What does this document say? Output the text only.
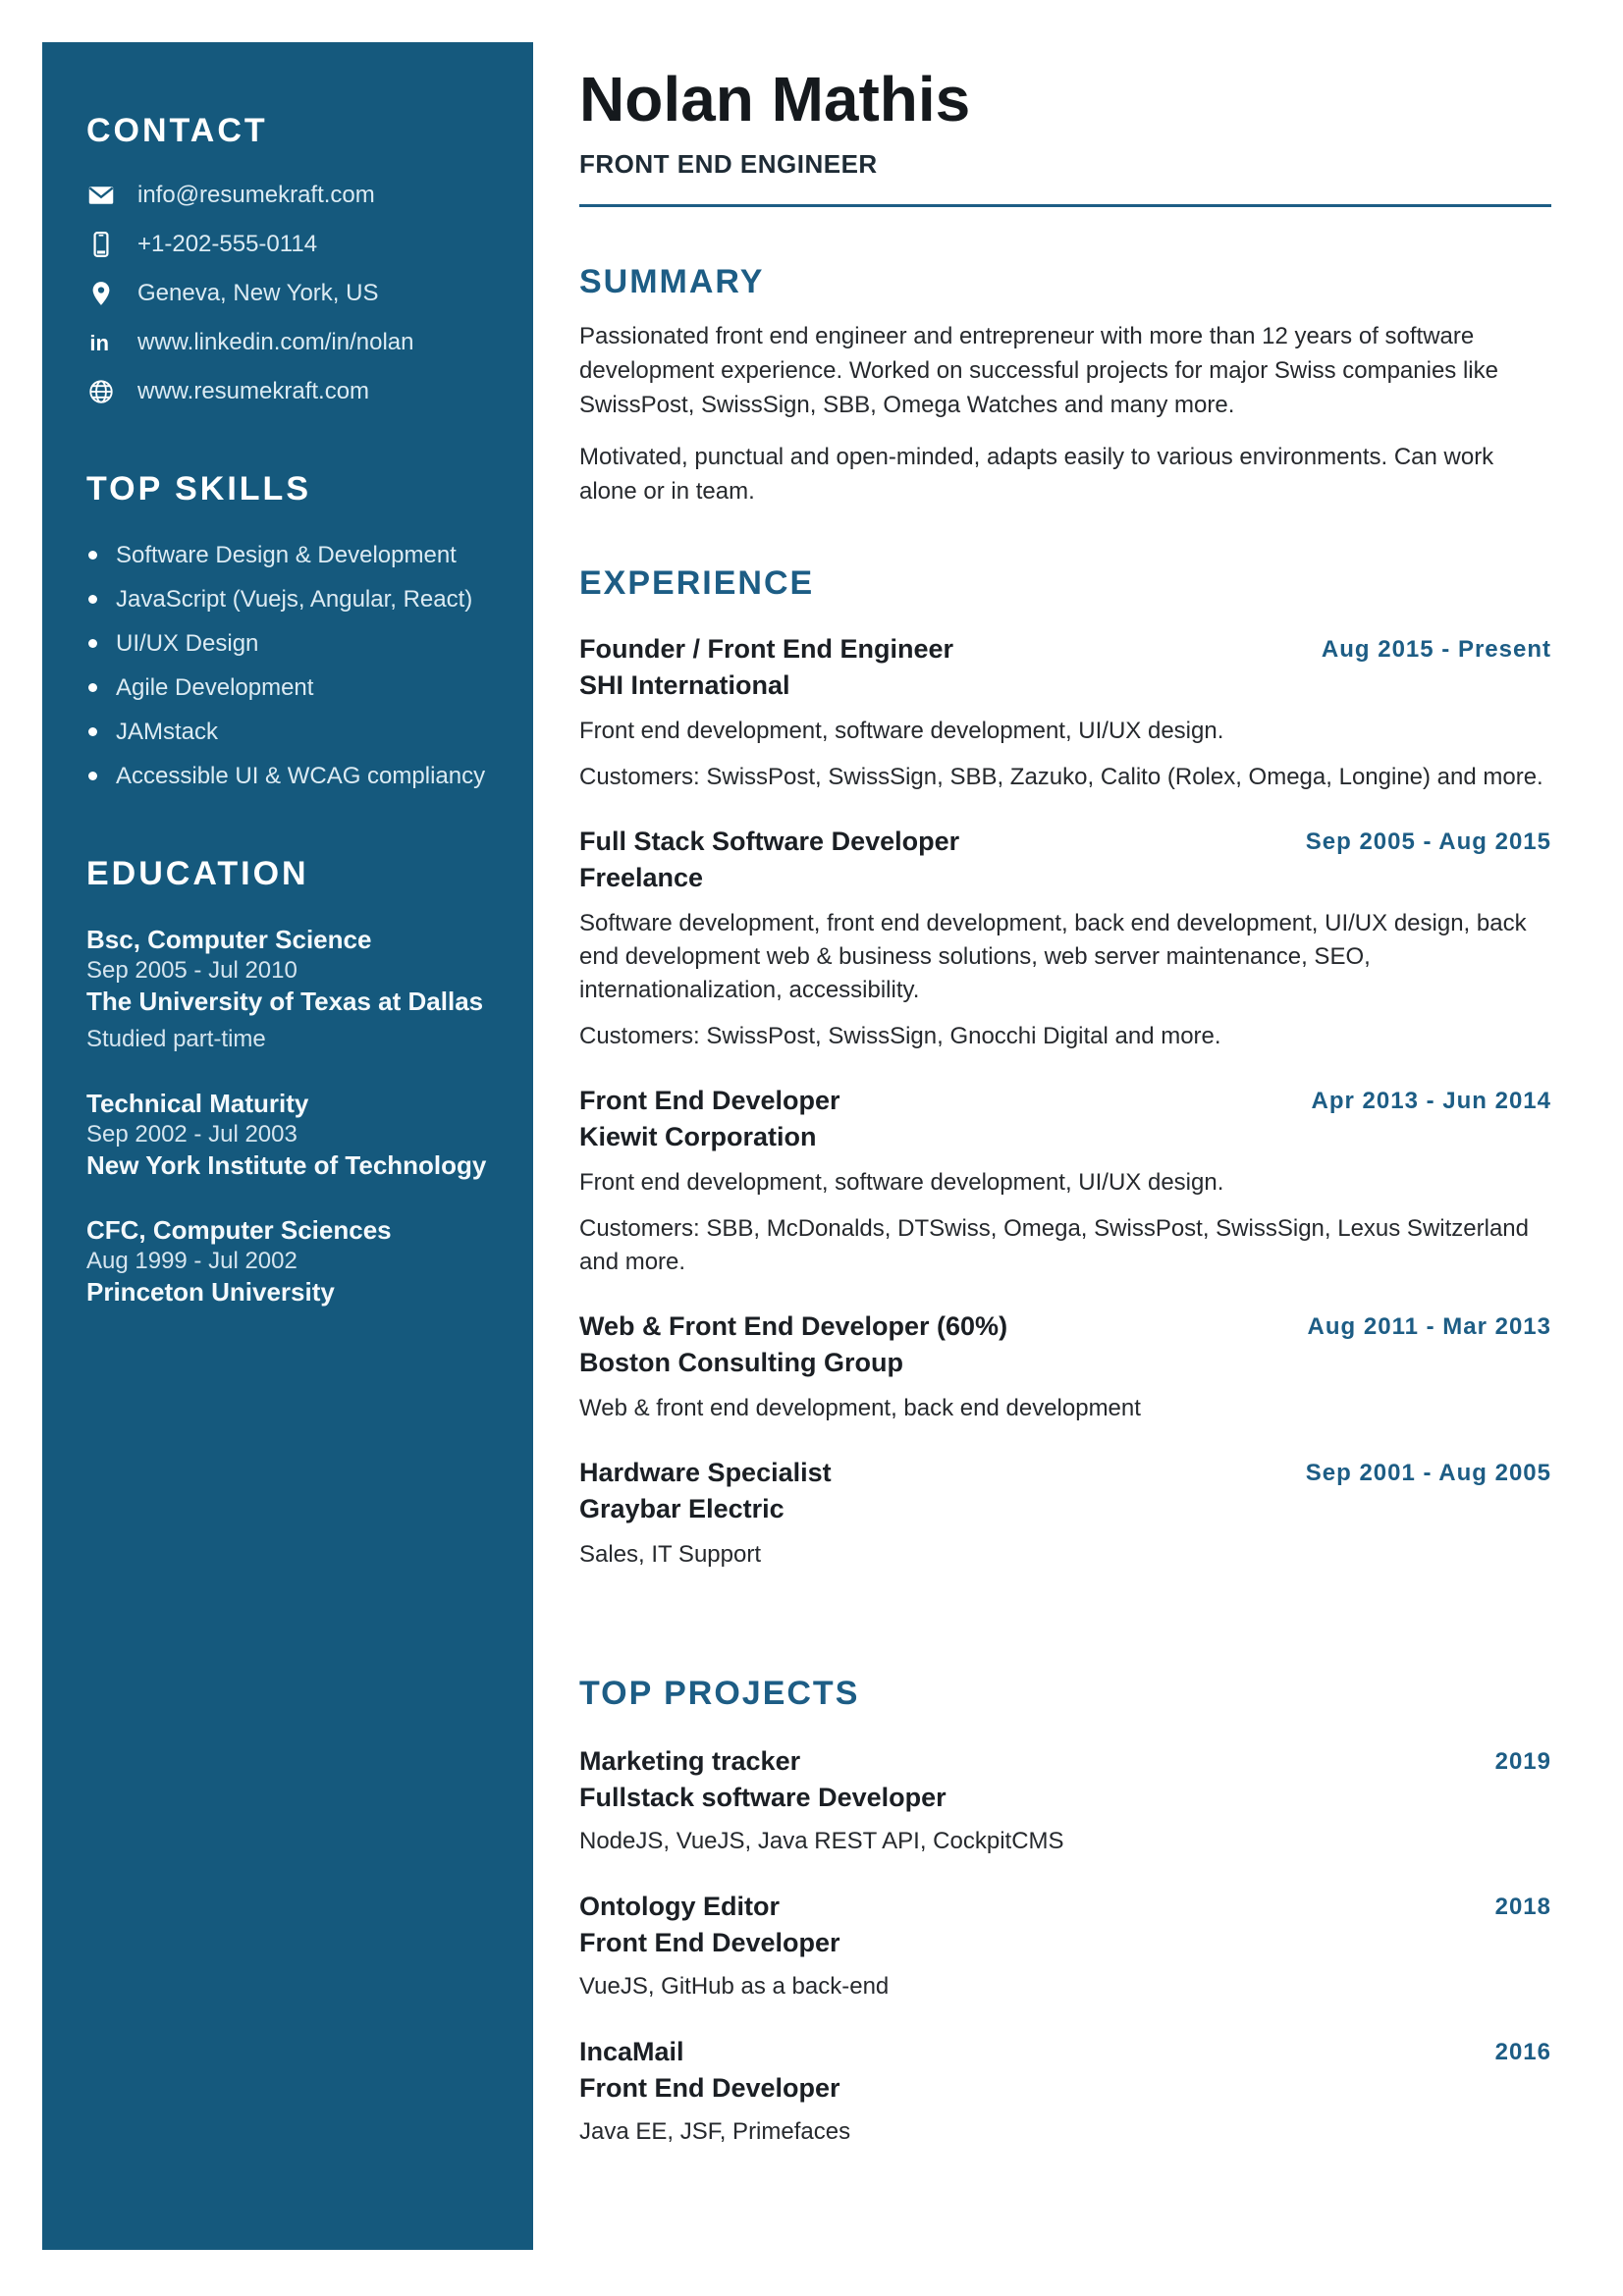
CONTACT
info@resumekraft.com
+1-202-555-0114
Geneva, New York, US
in www.linkedin.com/in/nolan
www.resumekraft.com
TOP SKILLS
Software Design & Development
JavaScript (Vuejs, Angular, React)
UI/UX Design
Agile Development
JAMstack
Accessible UI & WCAG compliancy
EDUCATION
Bsc, Computer Science
Sep 2005 - Jul 2010
The University of Texas at Dallas
Studied part-time
Technical Maturity
Sep 2002 - Jul 2003
New York Institute of Technology
CFC, Computer Sciences
Aug 1999 - Jul 2002
Princeton University
Nolan Mathis
FRONT END ENGINEER
SUMMARY

Passionated front end engineer and entrepreneur with more than 12 years of software development experience. Worked on successful projects for major Swiss companies like SwissPost, SwissSign, SBB, Omega Watches and many more.

Motivated, punctual and open-minded, adapts easily to various environments. Can work alone or in team.

EXPERIENCE
Founder / Front End Engineer	Aug 2015 - Present
SHI International

Front end development, software development, UI/UX design.

Customers: SwissPost, SwissSign, SBB, Zazuko, Calito (Rolex, Omega, Longine) and more.

Full Stack Software Developer	Sep 2005 - Aug 2015
Freelance

Software development, front end development, back end development, UI/UX design, back end development web & business solutions, web server maintenance, SEO, internationalization, accessibility.

Customers: SwissPost, SwissSign, Gnocchi Digital and more.

Front End Developer	Apr 2013 - Jun 2014
Kiewit Corporation

Front end development, software development, UI/UX design.

Customers: SBB, McDonalds, DTSwiss, Omega, SwissPost, SwissSign, Lexus Switzerland and more.

Web & Front End Developer (60%)	Aug 2011 - Mar 2013
Boston Consulting Group

Web & front end development, back end development

Hardware Specialist	Sep 2001 - Aug 2005
Graybar Electric

Sales, IT Support

TOP PROJECTS
Marketing tracker	2019
Fullstack software Developer
NodeJS, VueJS, Java REST API, CockpitCMS
Ontology Editor	2018
Front End Developer
VueJS, GitHub as a back-end
IncaMail	2016
Front End Developer
Java EE, JSF, Primefaces
